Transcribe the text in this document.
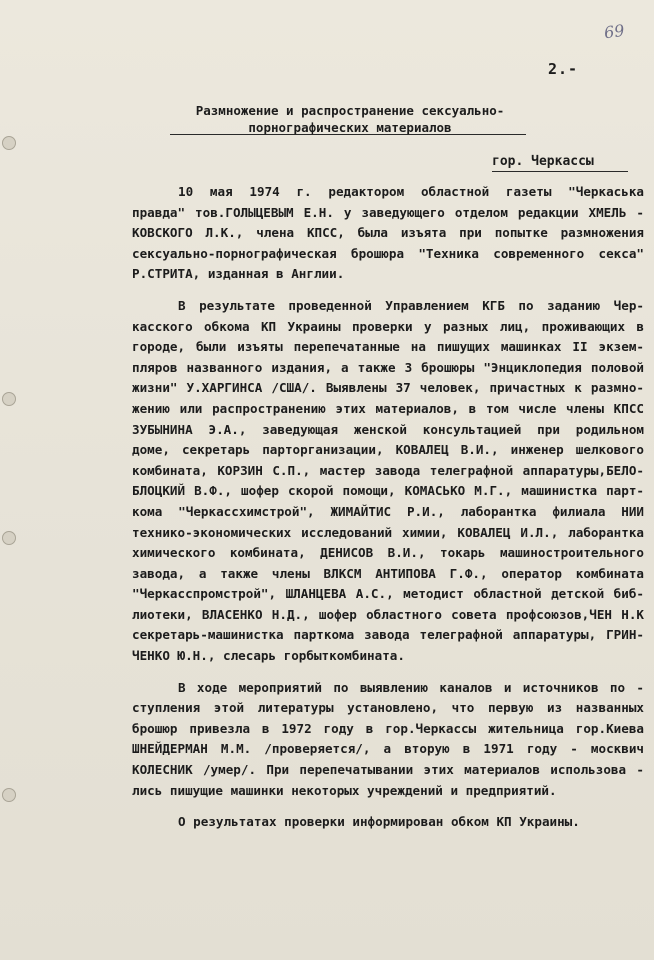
69
2.-
Размножение и распространение сексуально-
порнографических материалов
гор. Черкассы
10 мая 1974 г. редактором областной газеты "Черкаська
правда" тов.ГОЛЫЦЕВЫМ Е.Н. у заведующего отделом редакции ХМЕЛЬ -
КОВСКОГО Л.К., члена КПСС, была изъята при попытке размножения
сексуально-порнографическая брошюра "Техника современного секса"
Р.СТРИТА, изданная в Англии.
В результате проведенной Управлением КГБ по заданию Чер-
касского обкома КП Украины проверки у разных лиц, проживающих в
городе, были изъяты перепечатанные на пишущих машинках II экзем-
пляров названного издания, а также 3 брошюры "Энциклопедия половой
жизни" У.ХАРГИНСА /США/. Выявлены 37 человек, причастных к размно-
жению или распространению этих материалов, в том числе члены КПСС
ЗУБЫНИНА Э.А., заведующая женской консультацией при родильном
доме, секретарь парторганизации, КОВАЛЕЦ В.И., инженер шелкового
комбината, КОРЗИН С.П., мастер завода телеграфной аппаратуры,БЕЛО-
БЛОЦКИЙ В.Ф., шофер скорой помощи, КОМАСЬКО М.Г., машинистка парт-
кома "Черкассхимстрой", ЖИМАЙТИС Р.И., лаборантка филиала НИИ
технико-экономических исследований химии, КОВАЛЕЦ И.Л., лаборантка
химического комбината, ДЕНИСОВ В.И., токарь машиностроительного
завода, а также члены ВЛКСМ АНТИПОВА Г.Ф., оператор комбината
"Черкасспромстрой", ШЛАНЦЕВА А.С., методист областной детской биб-
лиотеки, ВЛАСЕНКО Н.Д., шофер областного совета профсоюзов,ЧЕН Н.К
секретарь-машинистка парткома завода телеграфной аппаратуры, ГРИН-
ЧЕНКО Ю.Н., слесарь горбыткомбината.
В ходе мероприятий по выявлению каналов и источников по -
ступления этой литературы установлено, что первую из названных
брошюр привезла в 1972 году в гор.Черкассы жительница гор.Киева
ШНЕЙДЕРМАН М.М. /проверяется/, а вторую в 1971 году - москвич
КОЛЕСНИК /умер/. При перепечатывании этих материалов использова -
лись пишущие машинки некоторых учреждений и предприятий.
О результатах проверки информирован обком КП Украины.
